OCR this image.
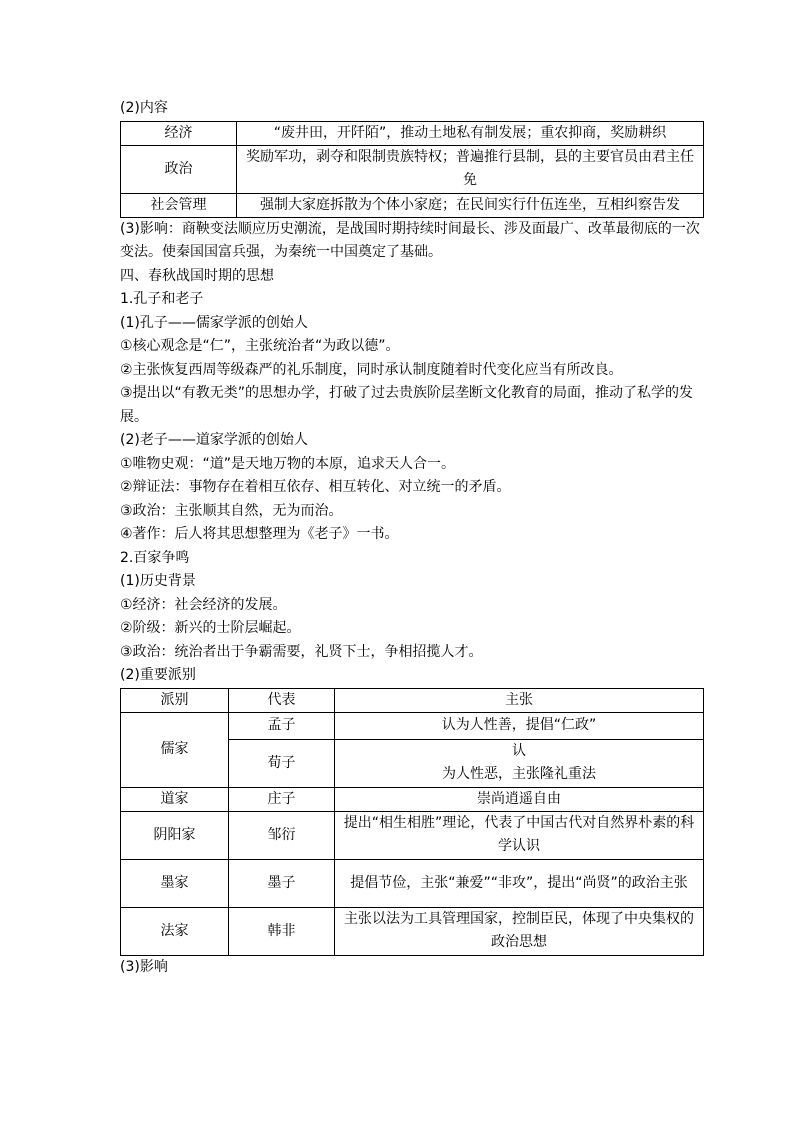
(2)内容
经济	“废井田，开阡陌”，推动土地私有制发展；重农抑商，奖励耕织
政治	奖励军功，剥夺和限制贵族特权；普遍推行县制，县的主要官员由君主任免
社会管理	强制大家庭拆散为个体小家庭；在民间实行什伍连坐，互相纠察告发
(3)影响：商鞅变法顺应历史潮流，是战国时期持续时间最长、涉及面最广、改革最彻底的一次变法。使秦国国富兵强，为秦统一中国奠定了基础。
四、春秋战国时期的思想
1.孔子和老子
(1)孔子——儒家学派的创始人
①核心观念是“仁”，主张统治者“为政以德”。
②主张恢复西周等级森严的礼乐制度，同时承认制度随着时代变化应当有所改良。
③提出以“有教无类”的思想办学，打破了过去贵族阶层垄断文化教育的局面，推动了私学的发展。
(2)老子——道家学派的创始人
①唯物史观：“道”是天地万物的本原，追求天人合一。
②辩证法：事物存在着相互依存、相互转化、对立统一的矛盾。
③政治：主张顺其自然，无为而治。
④著作：后人将其思想整理为《老子》一书。
2.百家争鸣
(1)历史背景
①经济：社会经济的发展。
②阶级：新兴的士阶层崛起。
③政治：统治者出于争霸需要，礼贤下士，争相招揽人才。
(2)重要派别
派别	代表	主张
儒家	孟子	认为人性善，提倡“仁政”
	荀子	认
为人性恶，主张隆礼重法

道家	庄子	崇尚逍遥自由
阴阳家	邹衍	提出“相生相胜”理论，代表了中国古代对自然界朴素的科学认识
墨家	墨子	提倡节俭，主张“兼爱”“非攻”，提出“尚贤”的政治主张
法家	韩非	主张以法为工具管理国家，控制臣民，体现了中央集权的政治思想
(3)影响
